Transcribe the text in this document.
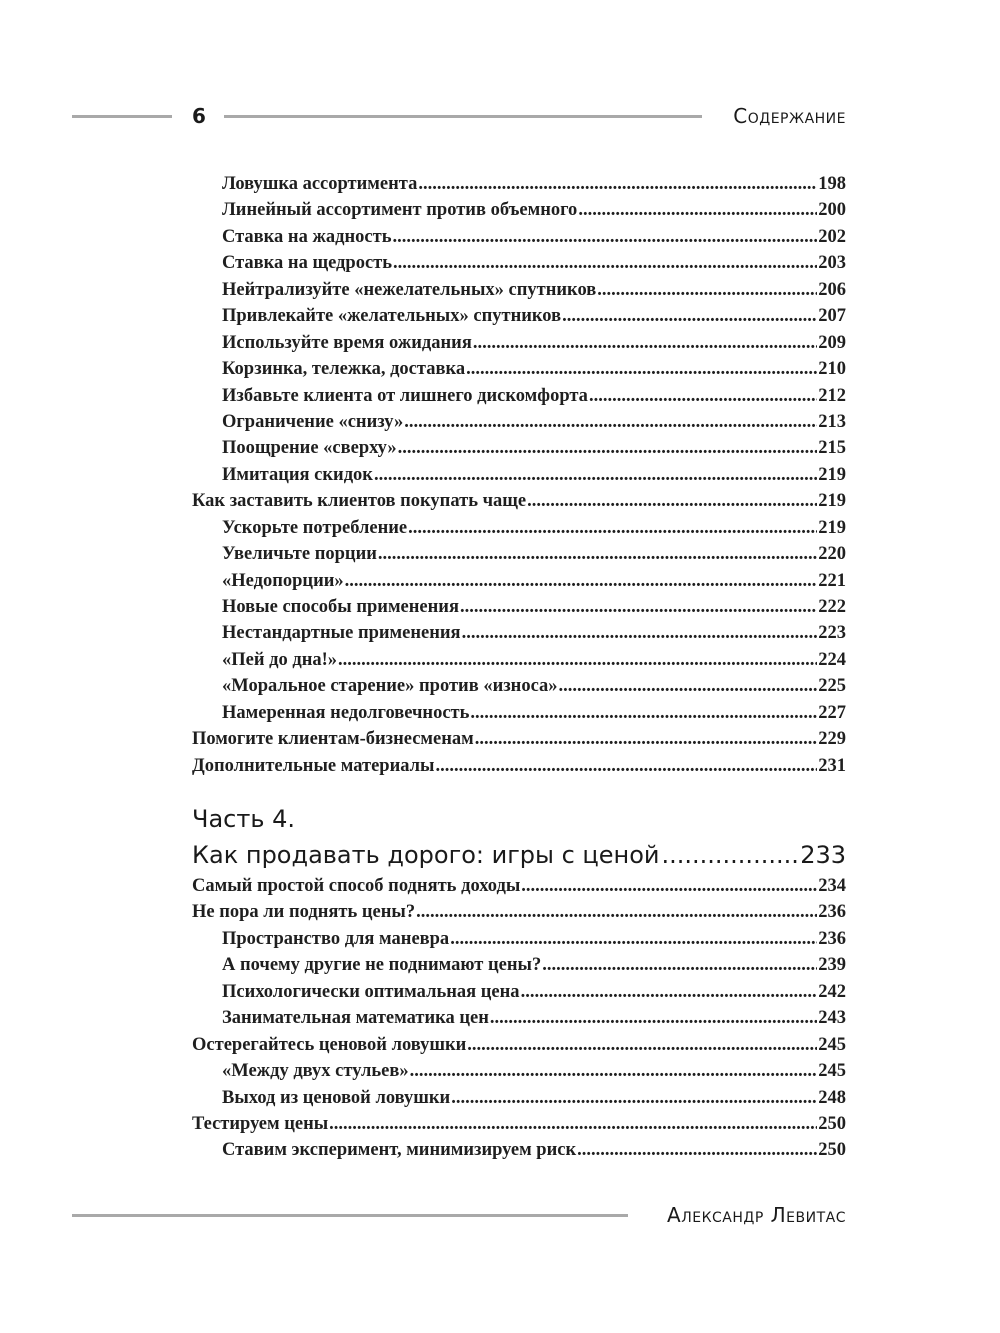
6	Содержание
Ловушка ассортимента .....	198
Линейный ассортимент против объемного .....	200
Ставка на жадность .....	202
Ставка на щедрость .....	203
Нейтрализуйте «нежелательных» спутников .....	206
Привлекайте «желательных» спутников .....	207
Используйте время ожидания .....	209
Корзинка, тележка, доставка .....	210
Избавьте клиента от лишнего дискомфорта .....	212
Ограничение «снизу» .....	213
Поощрение «сверху» .....	215
Имитация скидок .....	219
Как заставить клиентов покупать чаще .....	219
Ускорьте потребление .....	219
Увеличьте порции .....	220
«Недопорции» .....	221
Новые способы применения .....	222
Нестандартные применения .....	223
«Пей до дна!» .....	224
«Моральное старение» против «износа» .....	225
Намеренная недолговечность .....	227
Помогите клиентам-бизнесменам .....	229
Дополнительные материалы .....	231
Часть 4.
Как продавать дорого: игры с ценой .....	233
Самый простой способ поднять доходы .....	234
Не пора ли поднять цены? .....	236
Пространство для маневра .....	236
А почему другие не поднимают цены? .....	239
Психологически оптимальная цена .....	242
Занимательная математика цен .....	243
Остерегайтесь ценовой ловушки .....	245
«Между двух стульев» .....	245
Выход из ценовой ловушки .....	248
Тестируем цены .....	250
Ставим эксперимент, минимизируем риск .....	250
Александр Левитас
